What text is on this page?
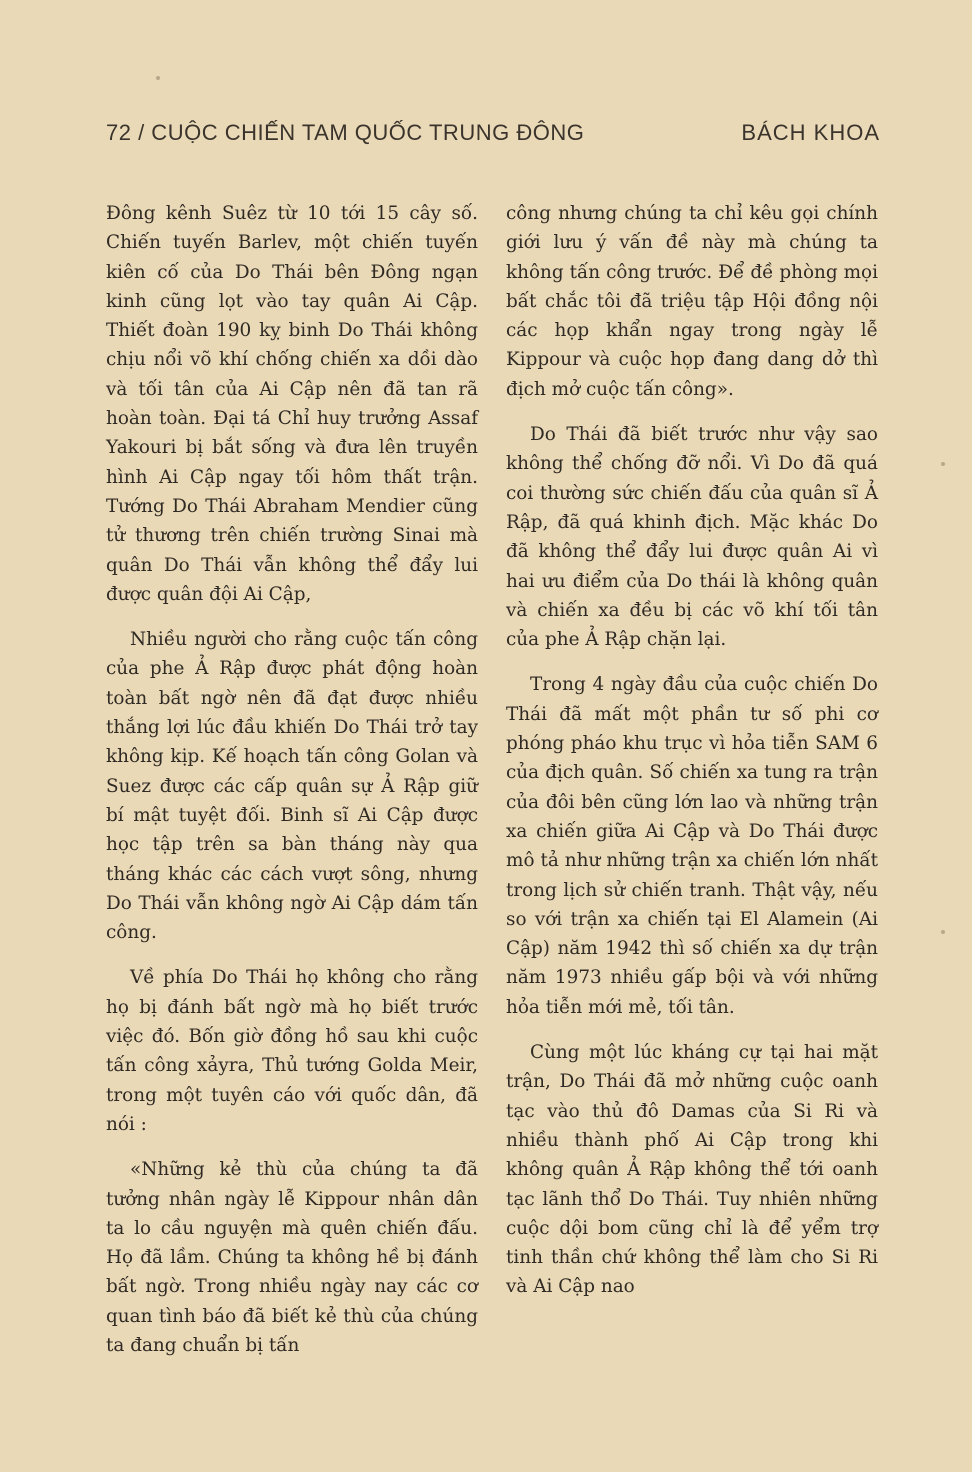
72 / CUỘC CHIẾN TAM QUỐC TRUNG ĐÔNG	BÁCH KHOA

Đông kênh Suêz từ 10 tới 15 cây số. Chiến tuyến Barlev, một chiến tuyến kiên cố của Do Thái bên Đông ngạn kinh cũng lọt vào tay quân Ai Cập. Thiết đoàn 190 kỵ binh Do Thái không chịu nổi võ khí chống chiến xa dồi dào và tối tân của Ai Cập nên đã tan rã hoàn toàn. Đại tá Chỉ huy trưởng Assaf Yakouri bị bắt sống và đưa lên truyền hình Ai Cập ngay tối hôm thất trận. Tướng Do Thái Abraham Mendier cũng tử thương trên chiến trường Sinai mà quân Do Thái vẫn không thể đẩy lui được quân đội Ai Cập,

Nhiều người cho rằng cuộc tấn công của phe Ả Rập được phát động hoàn toàn bất ngờ nên đã đạt được nhiều thắng lợi lúc đầu khiến Do Thái trở tay không kịp. Kế hoạch tấn công Golan và Suez được các cấp quân sự Ả Rập giữ bí mật tuyệt đối. Binh sĩ Ai Cập được học tập trên sa bàn tháng này qua tháng khác các cách vượt sông, nhưng Do Thái vẫn không ngờ Ai Cập dám tấn công.

Về phía Do Thái họ không cho rằng họ bị đánh bất ngờ mà họ biết trước việc đó. Bốn giờ đồng hồ sau khi cuộc tấn công xảyra, Thủ tướng Golda Meir, trong một tuyên cáo với quốc dân, đã nói :

«Những kẻ thù của chúng ta đã tưởng nhân ngày lễ Kippour nhân dân ta lo cầu nguyện mà quên chiến đấu. Họ đã lầm. Chúng ta không hề bị đánh bất ngờ. Trong nhiều ngày nay các cơ quan tình báo đã biết kẻ thù của chúng ta đang chuẩn bị tấn

công nhưng chúng ta chỉ kêu gọi chính giới lưu ý vấn đề này mà chúng ta không tấn công trước. Để đề phòng mọi bất chắc tôi đã triệu tập Hội đồng nội các họp khẩn ngay trong ngày lễ Kippour và cuộc họp đang dang dở thì địch mở cuộc tấn công».

Do Thái đã biết trước như vậy sao không thể chống đỡ nổi. Vì Do đã quá coi thường sức chiến đấu của quân sĩ Ả Rập, đã quá khinh địch. Mặc khác Do đã không thể đẩy lui được quân Ai vì hai ưu điểm của Do thái là không quân và chiến xa đều bị các võ khí tối tân của phe Ả Rập chặn lại.

Trong 4 ngày đầu của cuộc chiến Do Thái đã mất một phần tư số phi cơ phóng pháo khu trục vì hỏa tiễn SAM 6 của địch quân. Số chiến xa tung ra trận của đôi bên cũng lớn lao và những trận xa chiến giữa Ai Cập và Do Thái được mô tả như những trận xa chiến lớn nhất trong lịch sử chiến tranh. Thật vậy, nếu so với trận xa chiến tại El Alamein (Ai Cập) năm 1942 thì số chiến xa dự trận năm 1973 nhiều gấp bội và với những hỏa tiễn mới mẻ, tối tân.

Cùng một lúc kháng cự tại hai mặt trận, Do Thái đã mở những cuộc oanh tạc vào thủ đô Damas của Si Ri và nhiều thành phố Ai Cập trong khi không quân Ả Rập không thể tới oanh tạc lãnh thổ Do Thái. Tuy nhiên những cuộc dội bom cũng chỉ là để yểm trợ tinh thần chứ không thể làm cho Si Ri và Ai Cập nao
